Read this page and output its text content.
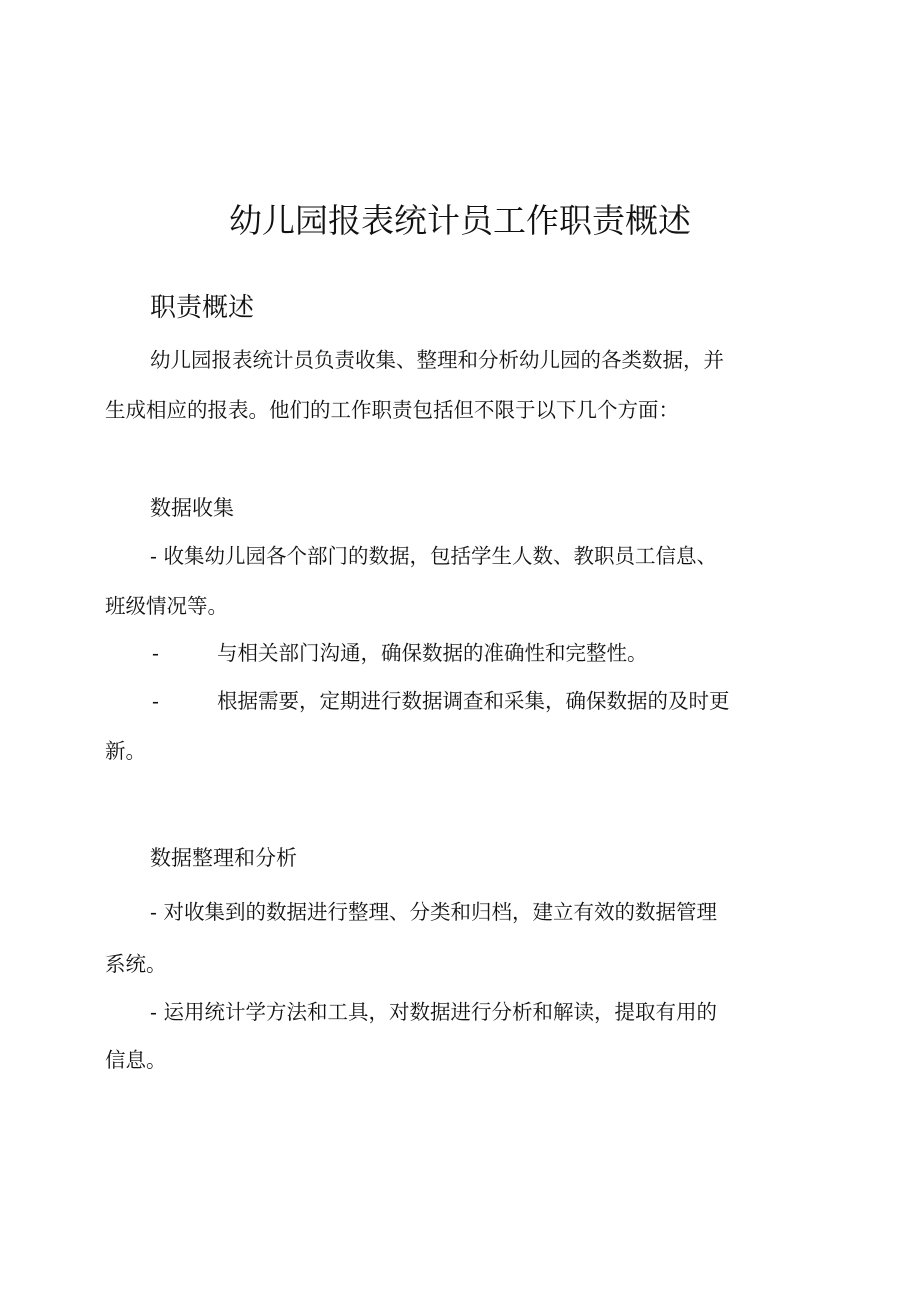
幼儿园报表统计员工作职责概述
职责概述

幼儿园报表统计员负责收集、整理和分析幼儿园的各类数据，并

生成相应的报表。他们的工作职责包括但不限于以下几个方面：

数据收集

- 收集幼儿园各个部门的数据，包括学生人数、教职员工信息、

班级情况等。

-	与相关部门沟通，确保数据的准确性和完整性。

-	根据需要，定期进行数据调查和采集，确保数据的及时更

新。

数据整理和分析

- 对收集到的数据进行整理、分类和归档，建立有效的数据管理

系统。

- 运用统计学方法和工具，对数据进行分析和解读，提取有用的

信息。
